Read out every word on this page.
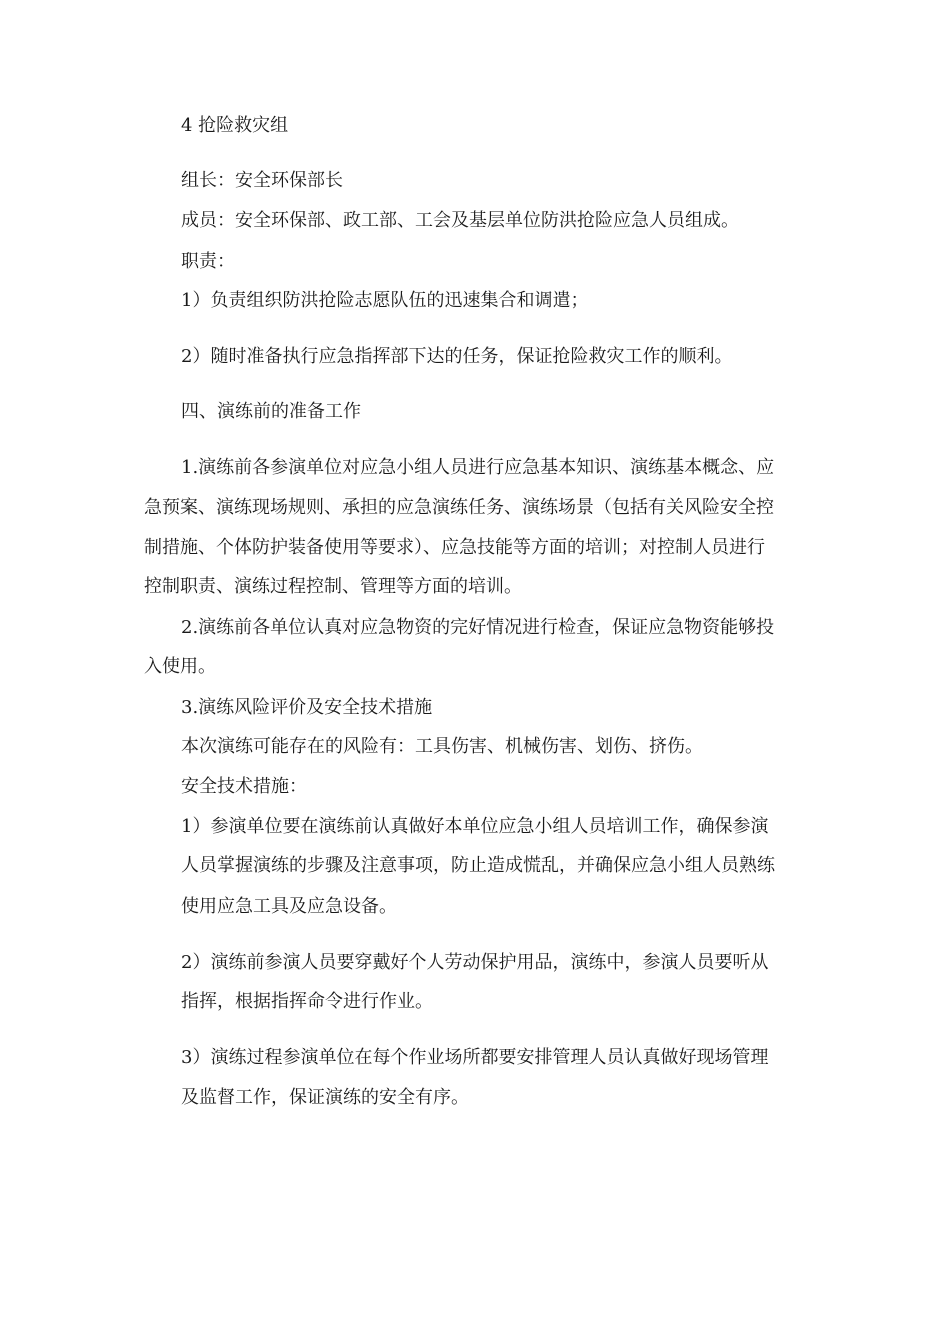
4 抢险救灾组
组长：安全环保部长
成员：安全环保部、政工部、工会及基层单位防洪抢险应急人员组成。
职责：
1）负责组织防洪抢险志愿队伍的迅速集合和调遣；
2）随时准备执行应急指挥部下达的任务，保证抢险救灾工作的顺利。
四、演练前的准备工作
1.演练前各参演单位对应急小组人员进行应急基本知识、演练基本概念、应
急预案、演练现场规则、承担的应急演练任务、演练场景（包括有关风险安全控
制措施、个体防护装备使用等要求）、应急技能等方面的培训；对控制人员进行
控制职责、演练过程控制、管理等方面的培训。
2.演练前各单位认真对应急物资的完好情况进行检查，保证应急物资能够投
入使用。
3.演练风险评价及安全技术措施
本次演练可能存在的风险有：工具伤害、机械伤害、划伤、挤伤。
安全技术措施：
1）参演单位要在演练前认真做好本单位应急小组人员培训工作，确保参演
人员掌握演练的步骤及注意事项，防止造成慌乱，并确保应急小组人员熟练
使用应急工具及应急设备。
2）演练前参演人员要穿戴好个人劳动保护用品，演练中，参演人员要听从
指挥，根据指挥命令进行作业。
3）演练过程参演单位在每个作业场所都要安排管理人员认真做好现场管理
及监督工作，保证演练的安全有序。
